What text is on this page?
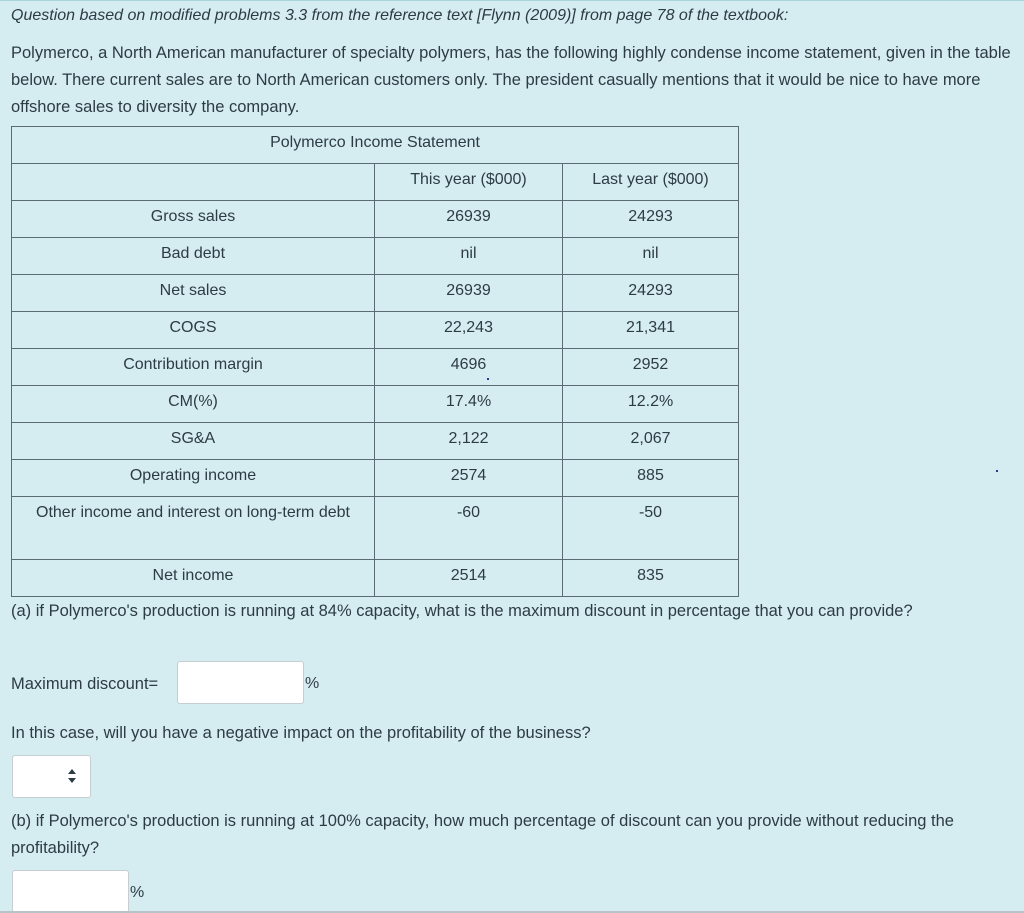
Question based on modified problems 3.3 from the reference text [Flynn (2009)] from page 78 of the textbook:
Polymerco, a North American manufacturer of specialty polymers, has the following highly condense income statement, given in the table below. There current sales are to North American customers only. The president casually mentions that it would be nice to have more offshore sales to diversity the company.
Polymerco Income Statement		
	This year ($000)	Last year ($000)
Gross sales	26939	24293
Bad debt	nil	nil
Net sales	26939	24293
COGS	22,243	21,341
Contribution margin	4696	2952
CM(%)	17.4%	12.2%
SG&A	2,122	2,067
Operating income	2574	885
Other income and interest on long-term debt	-60	-50
Net income	2514	835
(a) if Polymerco's production is running at 84% capacity, what is the maximum discount in percentage that you can provide?
Maximum discount=	%
In this case, will you have a negative impact on the profitability of the business?
(b) if Polymerco's production is running at 100% capacity, how much percentage of discount can you provide without reducing the profitability?
%
